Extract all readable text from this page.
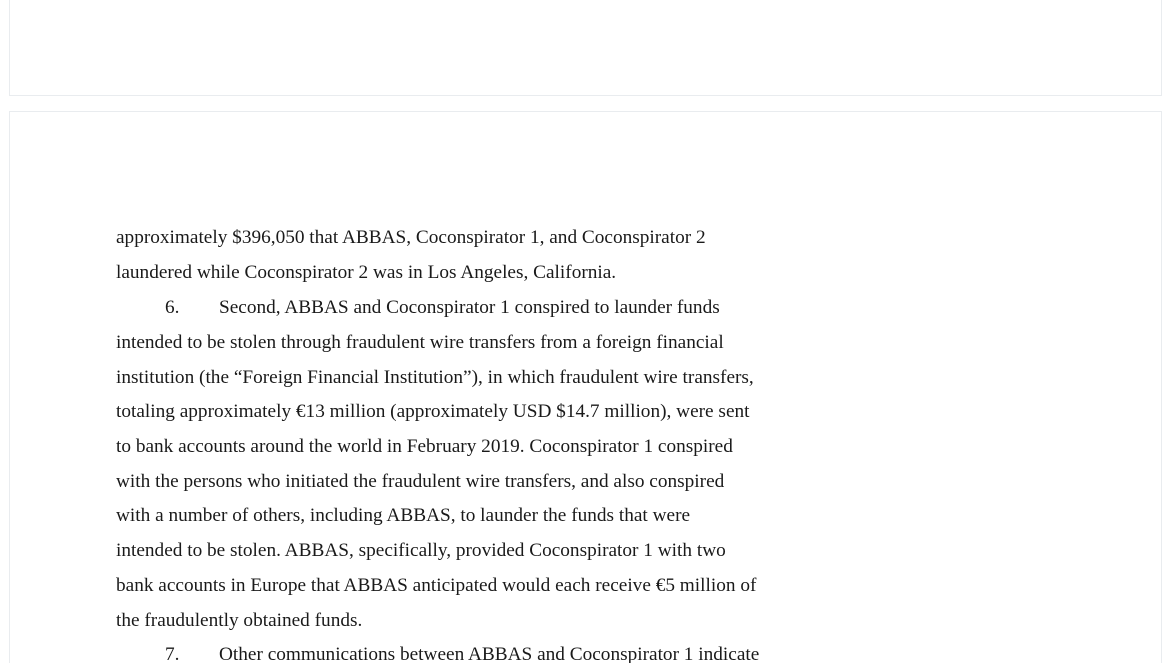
approximately $396,050 that ABBAS, Coconspirator 1, and Coconspirator 2
laundered while Coconspirator 2 was in Los Angeles, California.
6. Second, ABBAS and Coconspirator 1 conspired to launder funds
intended to be stolen through fraudulent wire transfers from a foreign financial
institution (the “Foreign Financial Institution”), in which fraudulent wire transfers,
totaling approximately €13 million (approximately USD $14.7 million), were sent
to bank accounts around the world in February 2019. Coconspirator 1 conspired
with the persons who initiated the fraudulent wire transfers, and also conspired
with a number of others, including ABBAS, to launder the funds that were
intended to be stolen. ABBAS, specifically, provided Coconspirator 1 with two
bank accounts in Europe that ABBAS anticipated would each receive €5 million of
the fraudulently obtained funds.
7. Other communications between ABBAS and Coconspirator 1 indicate
